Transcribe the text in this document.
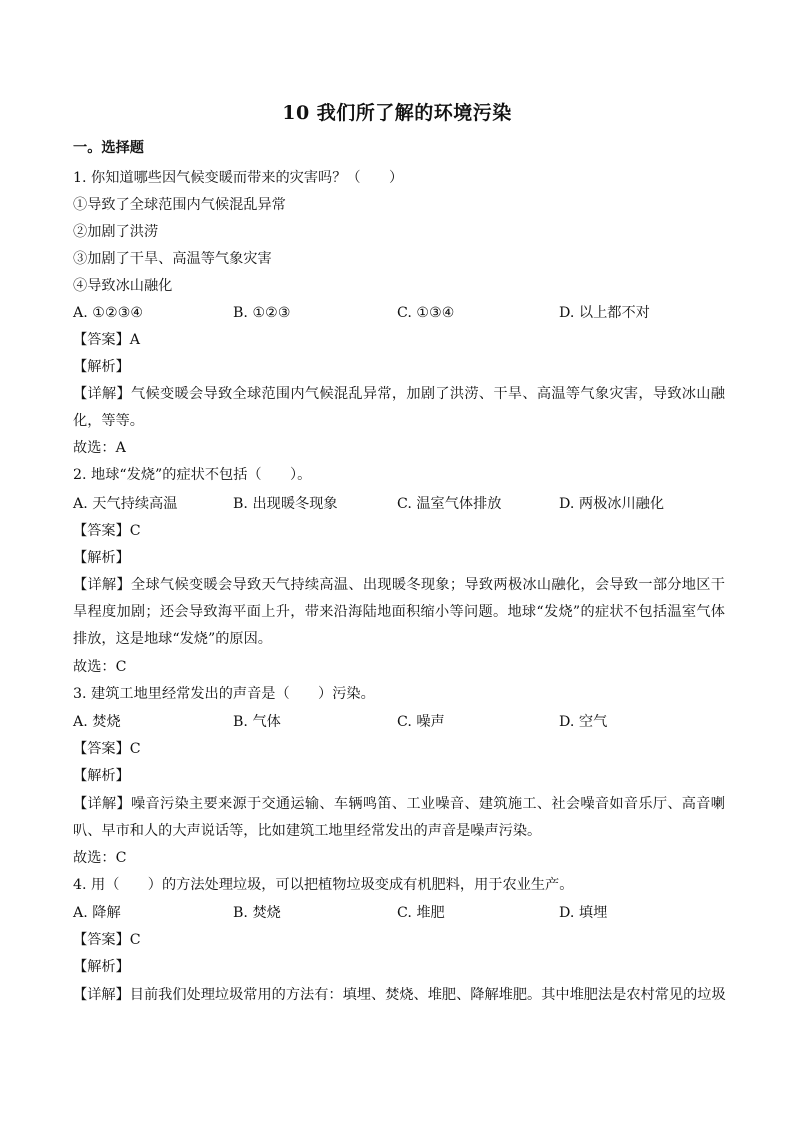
10 我们所了解的环境污染
一。选择题
1. 你知道哪些因气候变暖而带来的灾害吗？（　　）
①导致了全球范围内气候混乱异常
②加剧了洪涝
③加剧了干旱、高温等气象灾害
④导致冰山融化
A. ①②③④	B. ①②③	C. ①③④	D. 以上都不对
【答案】A
【解析】
【详解】气候变暖会导致全球范围内气候混乱异常，加剧了洪涝、干旱、高温等气象灾害，导致冰山融化，等等。
故选：A
2. 地球“发烧”的症状不包括（　　）。
A. 天气持续高温	B. 出现暖冬现象	C. 温室气体排放	D. 两极冰川融化
【答案】C
【解析】
【详解】全球气候变暖会导致天气持续高温、出现暖冬现象；导致两极冰山融化，会导致一部分地区干旱程度加剧；还会导致海平面上升，带来沿海陆地面积缩小等问题。地球“发烧”的症状不包括温室气体排放，这是地球“发烧”的原因。
故选：C
3. 建筑工地里经常发出的声音是（　　）污染。
A. 焚烧	B. 气体	C. 噪声	D. 空气
【答案】C
【解析】
【详解】噪音污染主要来源于交通运输、车辆鸣笛、工业噪音、建筑施工、社会噪音如音乐厅、高音喇叭、早市和人的大声说话等，比如建筑工地里经常发出的声音是噪声污染。
故选：C
4. 用（　　）的方法处理垃圾，可以把植物垃圾变成有机肥料，用于农业生产。
A. 降解	B. 焚烧	C. 堆肥	D. 填埋
【答案】C
【解析】
【详解】目前我们处理垃圾常用的方法有：填埋、焚烧、堆肥、降解堆肥。其中堆肥法是农村常见的垃圾
